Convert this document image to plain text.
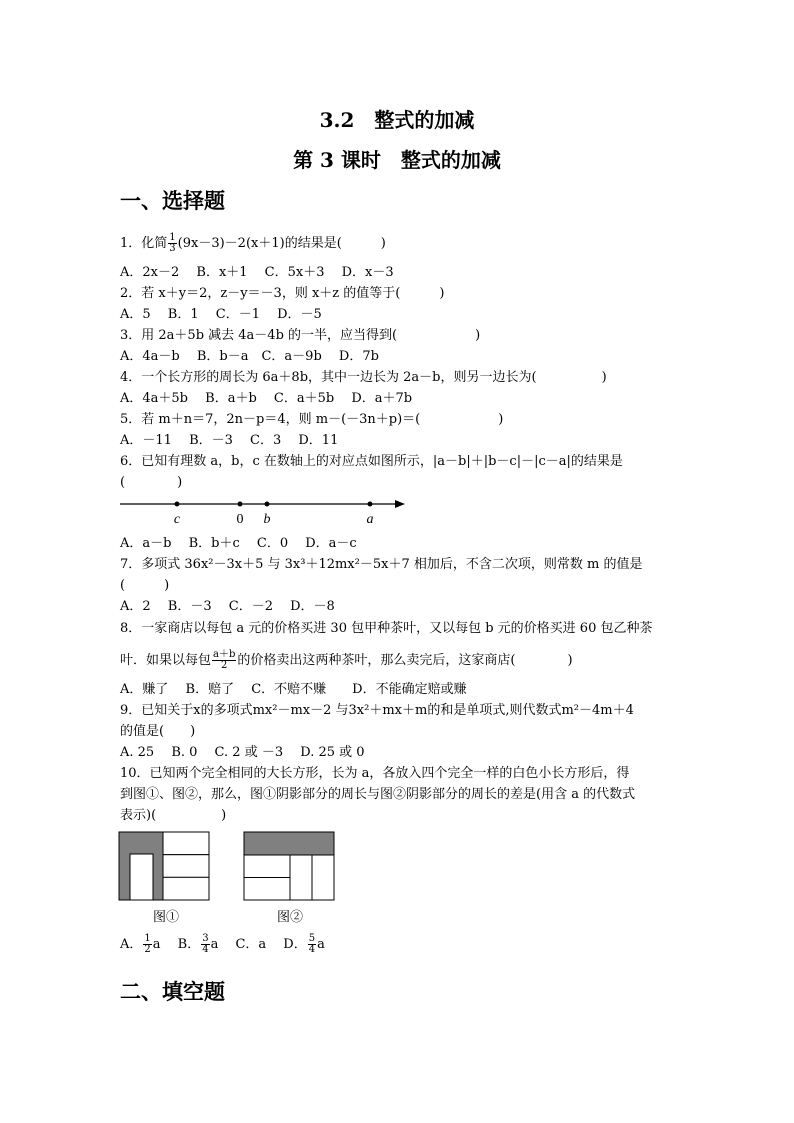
3.2　整式的加减
第 3 课时　整式的加减
一、选择题
1．化简 $\frac{1}{3} (9x-3)-2(x+1)$的结果是(　　　)
A．2x－2　 B．x＋1　 C．5x＋3　 D．x－3
2．若 x＋y＝2，z－y＝－3，则 x＋z 的值等于(　　　)
A．5　 B．1　 C．－1　 D．－5
3．用 2a＋5b 减去 4a－4b 的一半，应当得到(　　　　　　)
A．4a－b　 B．b－a　C．a－9b　 D．7b
4．一个长方形的周长为 6a＋8b，其中一边长为 2a－b，则另一边长为(　　　　　)
A．4a＋5b　 B．a＋b　 C．a＋5b　 D．a＋7b
5．若 m＋n＝7，2n－p＝4，则 m－(－3n＋p)＝(　　　　　　)
A．－11　 B．－3　 C．3　 D．11
6．已知有理数 a，b，c 在数轴上的对应点如图所示，|a－b|＋|b－c|－|c－a|的结果是
(　　　　)
c	0 b	a
A．a－b　 B．b＋c　 C．0　 D．a－c
7．多项式 36x²－3x＋5 与 3x³＋12mx²－5x＋7 相加后，不含二次项，则常数 m 的值是
(　　　)
A．2　 B．－3　 C．－2　 D．－8
8．一家商店以每包 a 元的价格买进 30 包甲种茶叶，又以每包 b 元的价格买进 60 包乙种茶
叶．如果以每包 $\frac{a+b}{2}$ 的价格卖出这两种茶叶，那么卖完后，这家商店(　　　　)
A．赚了　 B．赔了　 C．不赔不赚　　D．不能确定赔或赚
9．已知关于x的多项式mx²－mx－2 与3x²＋mx＋m的和是单项式,则代数式m²－4m＋4
的值是(　　)
A. 25　 B. 0　 C. 2 或 －3　 D. 25 或 0
10．已知两个完全相同的大长方形，长为 a，各放入四个完全一样的白色小长方形后，得
到图①、图②，那么，图①阴影部分的周长与图②阴影部分的周长的差是(用含 a 的代数式
表示)(　　　　　)
图①	图②
A． $\frac{1}{2}$ a　 B． $\frac{3}{4}$ a　 C．a　 D． $\frac{5}{4}$ a
二、填空题
